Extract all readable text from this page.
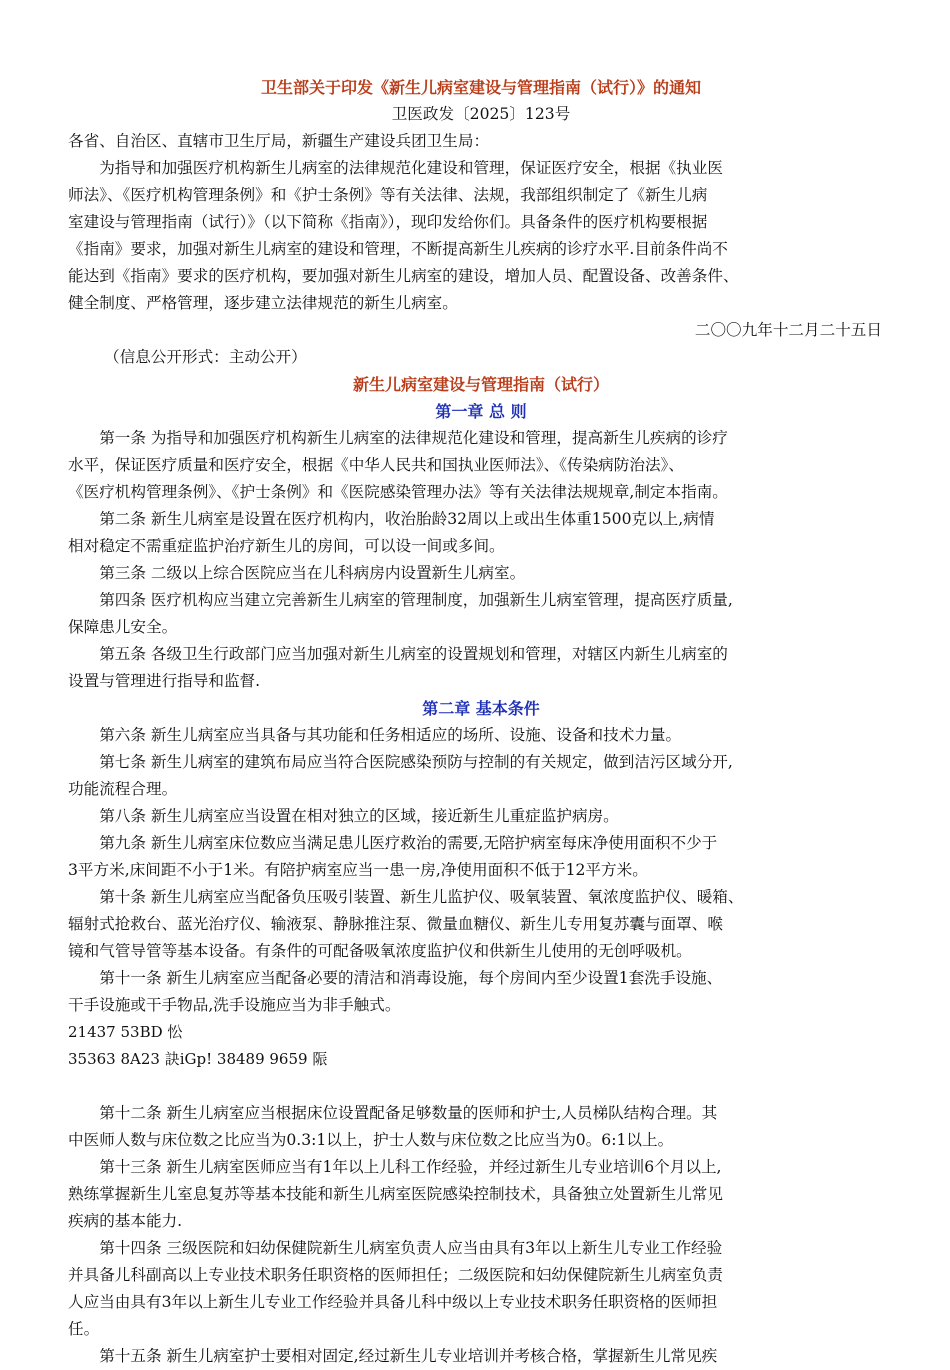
卫生部关于印发《新生儿病室建设与管理指南（试行）》的通知
卫医政发〔2025〕123号
各省、自治区、直辖市卫生厅局，新疆生产建设兵团卫生局：
　　为指导和加强医疗机构新生儿病室的法律规范化建设和管理，保证医疗安全，根据《执业医
师法》、《医疗机构管理条例》和《护士条例》等有关法律、法规，我部组织制定了《新生儿病
室建设与管理指南（试行）》（以下简称《指南》），现印发给你们。具备条件的医疗机构要根据
《指南》要求，加强对新生儿病室的建设和管理，不断提高新生儿疾病的诊疗水平.目前条件尚不
能达到《指南》要求的医疗机构，要加强对新生儿病室的建设，增加人员、配置设备、改善条件、
健全制度、严格管理，逐步建立法律规范的新生儿病室。
二〇〇九年十二月二十五日
（信息公开形式：主动公开）
新生儿病室建设与管理指南（试行）
第一章 总 则
　　第一条 为指导和加强医疗机构新生儿病室的法律规范化建设和管理，提高新生儿疾病的诊疗
水平，保证医疗质量和医疗安全，根据《中华人民共和国执业医师法》、《传染病防治法》、
《医疗机构管理条例》、《护士条例》和《医院感染管理办法》等有关法律法规规章,制定本指南。
　　第二条 新生儿病室是设置在医疗机构内，收治胎龄32周以上或出生体重1500克以上,病情
相对稳定不需重症监护治疗新生儿的房间，可以设一间或多间。
　　第三条 二级以上综合医院应当在儿科病房内设置新生儿病室。
　　第四条 医疗机构应当建立完善新生儿病室的管理制度，加强新生儿病室管理，提高医疗质量,
保障患儿安全。
　　第五条 各级卫生行政部门应当加强对新生儿病室的设置规划和管理，对辖区内新生儿病室的
设置与管理进行指导和监督.
第二章 基本条件
　　第六条 新生儿病室应当具备与其功能和任务相适应的场所、设施、设备和技术力量。
　　第七条 新生儿病室的建筑布局应当符合医院感染预防与控制的有关规定，做到洁污区域分开,
功能流程合理。
　　第八条 新生儿病室应当设置在相对独立的区域，接近新生儿重症监护病房。
　　第九条 新生儿病室床位数应当满足患儿医疗救治的需要,无陪护病室每床净使用面积不少于
3平方米,床间距不小于1米。有陪护病室应当一患一房,净使用面积不低于12平方米。
　　第十条 新生儿病室应当配备负压吸引装置、新生儿监护仪、吸氧装置、氧浓度监护仪、暖箱、
辐射式抢救台、蓝光治疗仪、输液泵、静脉推注泵、微量血糖仪、新生儿专用复苏囊与面罩、喉
镜和气管导管等基本设备。有条件的可配备吸氧浓度监护仪和供新生儿使用的无创呼吸机。
　　第十一条 新生儿病室应当配备必要的清洁和消毒设施，每个房间内至少设置1套洗手设施、
干手设施或干手物品,洗手设施应当为非手触式。
21437 53BD 忪
35363 8A23 訣iGp! 38489 9659 陙
　　第十二条 新生儿病室应当根据床位设置配备足够数量的医师和护士,人员梯队结构合理。其
中医师人数与床位数之比应当为0.3:1以上，护士人数与床位数之比应当为0。6:1以上。
　　第十三条 新生儿病室医师应当有1年以上儿科工作经验，并经过新生儿专业培训6个月以上,
熟练掌握新生儿室息复苏等基本技能和新生儿病室医院感染控制技术，具备独立处置新生儿常见
疾病的基本能力.
　　第十四条 三级医院和妇幼保健院新生儿病室负责人应当由具有3年以上新生儿专业工作经验
并具备儿科副高以上专业技术职务任职资格的医师担任；二级医院和妇幼保健院新生儿病室负责
人应当由具有3年以上新生儿专业工作经验并具备儿科中级以上专业技术职务任职资格的医师担
任。
　　第十五条 新生儿病室护士要相对固定,经过新生儿专业培训并考核合格，掌握新生儿常见疾
